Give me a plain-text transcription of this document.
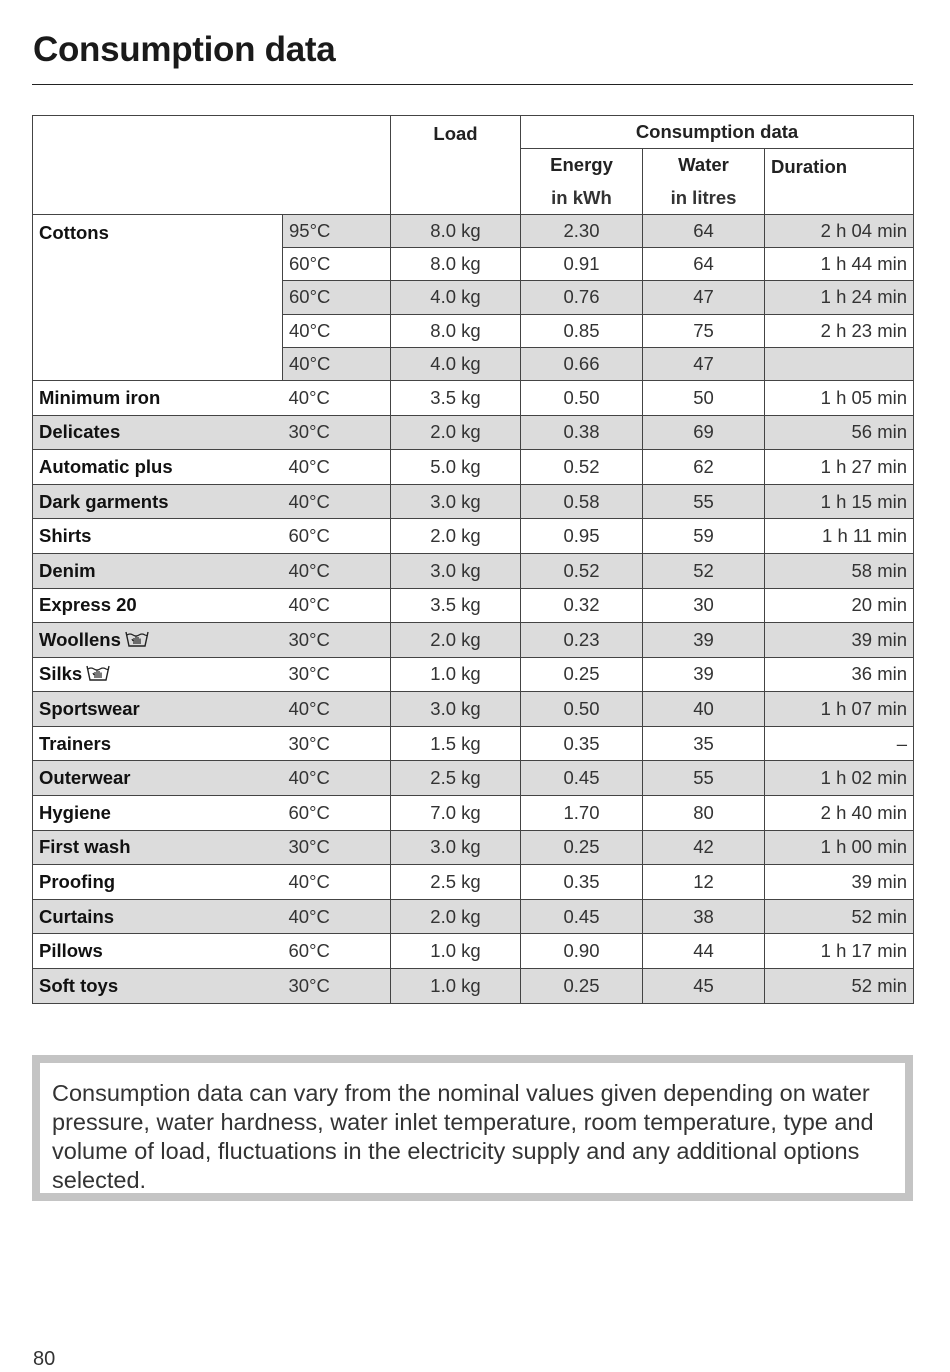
Consumption data
		Load	Consumption data		
			Energy	Water	Duration
			in kWh	in litres	
Cottons	95°C	8.0 kg	2.30	64	2 h 04 min
	60°C	8.0 kg	0.91	64	1 h 44 min
	60°C	4.0 kg	0.76	47	1 h 24 min
	40°C	8.0 kg	0.85	75	2 h 23 min
	40°C	4.0 kg	0.66	47	
Minimum iron	40°C	3.5 kg	0.50	50	1 h 05 min
Delicates	30°C	2.0 kg	0.38	69	56 min
Automatic plus	40°C	5.0 kg	0.52	62	1 h 27 min
Dark garments	40°C	3.0 kg	0.58	55	1 h 15 min
Shirts	60°C	2.0 kg	0.95	59	1 h 11 min
Denim	40°C	3.0 kg	0.52	52	58 min
Express 20	40°C	3.5 kg	0.32	30	20 min
Woollens	30°C	2.0 kg	0.23	39	39 min
Silks	30°C	1.0 kg	0.25	39	36 min
Sportswear	40°C	3.0 kg	0.50	40	1 h 07 min
Trainers	30°C	1.5 kg	0.35	35	–
Outerwear	40°C	2.5 kg	0.45	55	1 h 02 min
Hygiene	60°C	7.0 kg	1.70	80	2 h 40 min
First wash	30°C	3.0 kg	0.25	42	1 h 00 min
Proofing	40°C	2.5 kg	0.35	12	39 min
Curtains	40°C	2.0 kg	0.45	38	52 min
Pillows	60°C	1.0 kg	0.90	44	1 h 17 min
Soft toys	30°C	1.0 kg	0.25	45	52 min
Consumption data can vary from the nominal values given depending on water pressure, water hardness, water inlet temperature, room temperature, type and volume of load, fluctuations in the electricity supply and any additional options selected.
80
